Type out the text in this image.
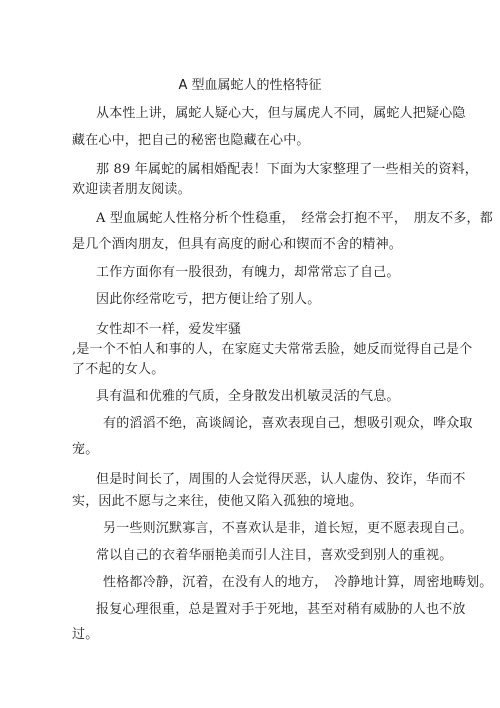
A 型血属蛇人的性格特征
从本性上讲，属蛇人疑心大，但与属虎人不同，属蛇人把疑心隐
藏在心中，把自己的秘密也隐藏在心中。
那 89 年属蛇的属相婚配表！下面为大家整理了一些相关的资料，
欢迎读者朋友阅读。
A 型血属蛇人性格分析个性稳重，　经常会打抱不平，　朋友不多，都
是几个酒肉朋友，但具有高度的耐心和锲而不舍的精神。
工作方面你有一股很劲，有魄力，却常常忘了自己。
因此你经常吃亏，把方便让给了别人。
女性却不一样，爱发牢骚
,是一个不怕人和事的人，在家庭丈夫常常丢脸，她反而觉得自己是个
了不起的女人。
具有温和优雅的气质，全身散发出机敏灵活的气息。
有的滔滔不绝，高谈阔论，喜欢表现自己，想吸引观众，哗众取
宠。
但是时间长了，周围的人会觉得厌恶，认人虚伪、狡诈，华而不
实，因此不愿与之来往，使他又陷入孤独的境地。
另一些则沉默寡言，不喜欢认是非，道长短，更不愿表现自己。
常以自己的衣着华丽艳美而引人注目，喜欢受到别人的重视。
性格都冷静，沉着，在没有人的地方，　冷静地计算，周密地畴划。
报复心理很重，总是置对手于死地，甚至对稍有威胁的人也不放
过。
